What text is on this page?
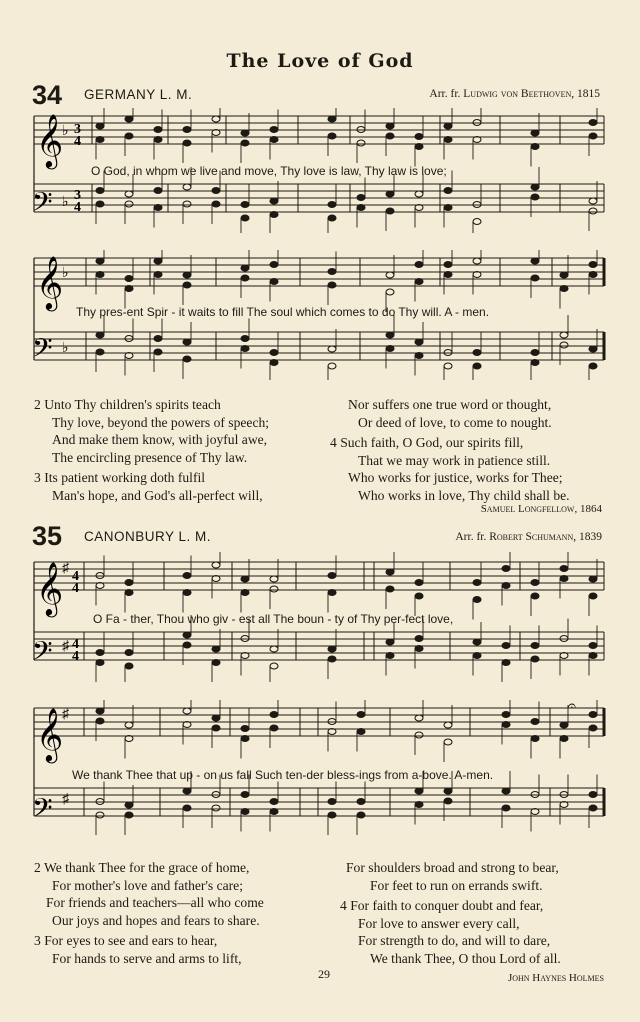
The Love of God
34 GERMANY L. M.	Arr. fr. Ludwig von Beethoven, 1815
𝄞
𝄢
♭
♭
3
4
3
4
O God, in whom we live and move, Thy love is law, Thy law is love;
𝄞
𝄢
♭
♭
Thy pres-ent Spir - it waits to fill The soul which comes to do Thy will. A - men.
2 Unto Thy children's spirits teach
Thy love, beyond the powers of speech;
And make them know, with joyful awe,
The encircling presence of Thy law.
3 Its patient working doth fulfil
Man's hope, and God's all-perfect will,
Nor suffers one true word or thought,
Or deed of love, to come to nought.
4 Such faith, O God, our spirits fill,
That we may work in patience still.
Who works for justice, works for Thee;
Who works in love, Thy child shall be.
Samuel Longfellow, 1864
35 CANONBURY L. M.	Arr. fr. Robert Schumann, 1839
𝄞
𝄢
♯
♯
4
4
4
4
O Fa - ther, Thou who giv - est all The boun - ty of Thy per-fect love,
𝄞
𝄢
♯
♯
𝄐
We thank Thee that up - on us fall Such ten-der bless-ings from a-bove. A-men.
2 We thank Thee for the grace of home,
For mother's love and father's care;
For friends and teachers—all who come
Our joys and hopes and fears to share.
3 For eyes to see and ears to hear,
For hands to serve and arms to lift,
For shoulders broad and strong to bear,
For feet to run on errands swift.
4 For faith to conquer doubt and fear,
For love to answer every call,
For strength to do, and will to dare,
We thank Thee, O thou Lord of all.
29	John Haynes Holmes
